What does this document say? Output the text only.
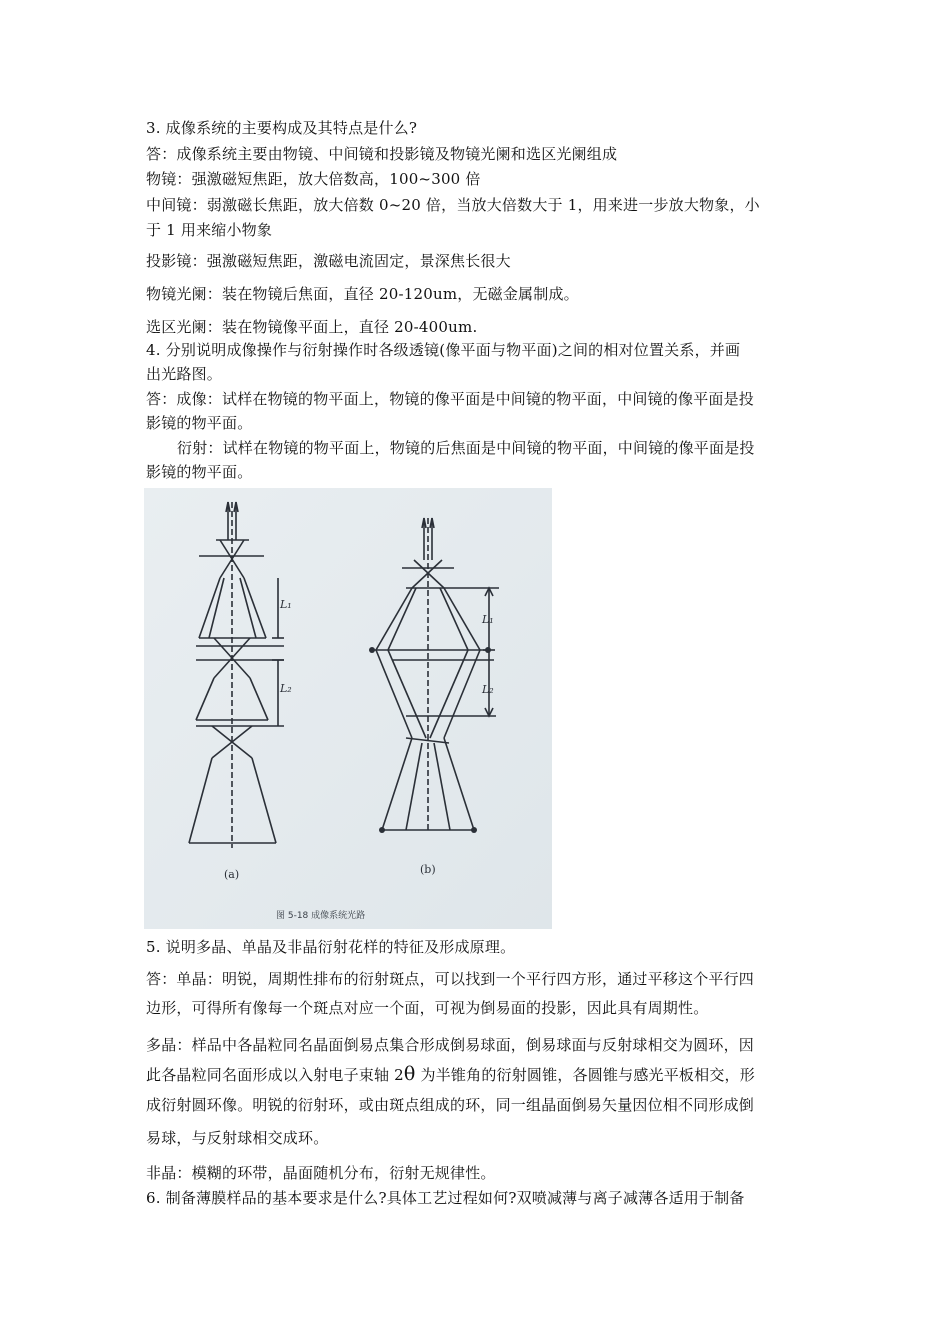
3. 成像系统的主要构成及其特点是什么?
答：成像系统主要由物镜、中间镜和投影镜及物镜光阑和选区光阑组成
物镜：强激磁短焦距，放大倍数高，100~300 倍
中间镜：弱激磁长焦距，放大倍数 0~20 倍，当放大倍数大于 1，用来进一步放大物象，小
于 1 用来缩小物象
投影镜：强激磁短焦距，激磁电流固定，景深焦长很大
物镜光阑：装在物镜后焦面，直径 20-120um，无磁金属制成。
选区光阑：装在物镜像平面上，直径 20-400um.
4. 分别说明成像操作与衍射操作时各级透镜(像平面与物平面)之间的相对位置关系，并画
出光路图。
答：成像：试样在物镜的物平面上，物镜的像平面是中间镜的物平面，中间镜的像平面是投
影镜的物平面。
衍射：试样在物镜的物平面上，物镜的后焦面是中间镜的物平面，中间镜的像平面是投
影镜的物平面。
L₁
L₂
L₁
L₂
(a)	(b)
图 5-18 成像系统光路
5. 说明多晶、单晶及非晶衍射花样的特征及形成原理。
答：单晶：明锐，周期性排布的衍射斑点，可以找到一个平行四方形，通过平移这个平行四
边形，可得所有像每一个斑点对应一个面，可视为倒易面的投影，因此具有周期性。
多晶：样品中各晶粒同名晶面倒易点集合形成倒易球面，倒易球面与反射球相交为圆环，因
此各晶粒同名面形成以入射电子束轴 2θ 为半锥角的衍射圆锥，各圆锥与感光平板相交，形
成衍射圆环像。明锐的衍射环，或由斑点组成的环，同一组晶面倒易矢量因位相不同形成倒
易球，与反射球相交成环。
非晶：模糊的环带，晶面随机分布，衍射无规律性。
6. 制备薄膜样品的基本要求是什么?具体工艺过程如何?双喷减薄与离子减薄各适用于制备
